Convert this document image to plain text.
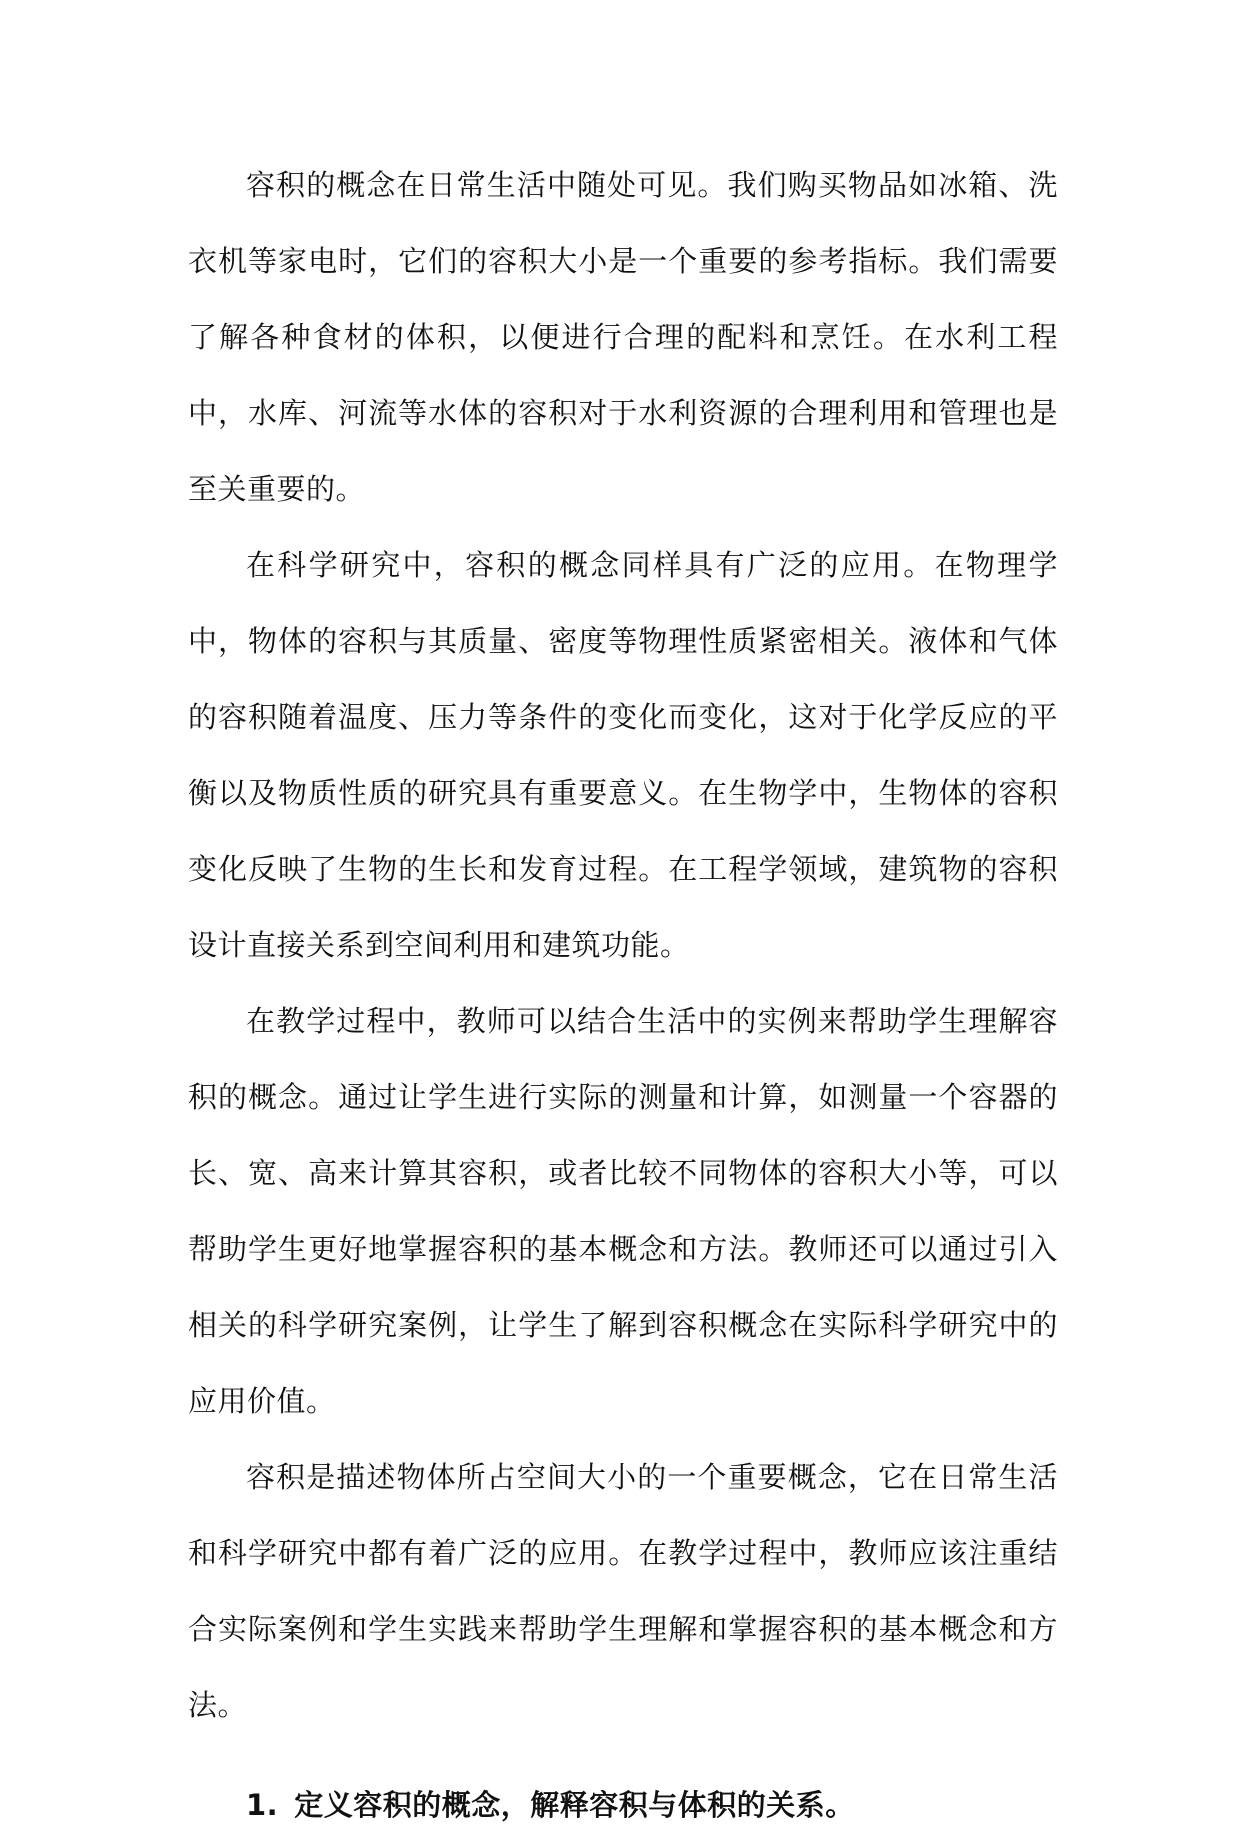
容积的概念在日常生活中随处可见。我们购买物品如冰箱、洗衣机等家电时，它们的容积大小是一个重要的参考指标。我们需要了解各种食材的体积，以便进行合理的配料和烹饪。在水利工程中，水库、河流等水体的容积对于水利资源的合理利用和管理也是至关重要的。

在科学研究中，容积的概念同样具有广泛的应用。在物理学中，物体的容积与其质量、密度等物理性质紧密相关。液体和气体的容积随着温度、压力等条件的变化而变化，这对于化学反应的平衡以及物质性质的研究具有重要意义。在生物学中，生物体的容积变化反映了生物的生长和发育过程。在工程学领域，建筑物的容积设计直接关系到空间利用和建筑功能。

在教学过程中，教师可以结合生活中的实例来帮助学生理解容积的概念。通过让学生进行实际的测量和计算，如测量一个容器的长、宽、高来计算其容积，或者比较不同物体的容积大小等，可以帮助学生更好地掌握容积的基本概念和方法。教师还可以通过引入相关的科学研究案例，让学生了解到容积概念在实际科学研究中的应用价值。

容积是描述物体所占空间大小的一个重要概念，它在日常生活和科学研究中都有着广泛的应用。在教学过程中，教师应该注重结合实际案例和学生实践来帮助学生理解和掌握容积的基本概念和方法。

1. 定义容积的概念，解释容积与体积的关系。
